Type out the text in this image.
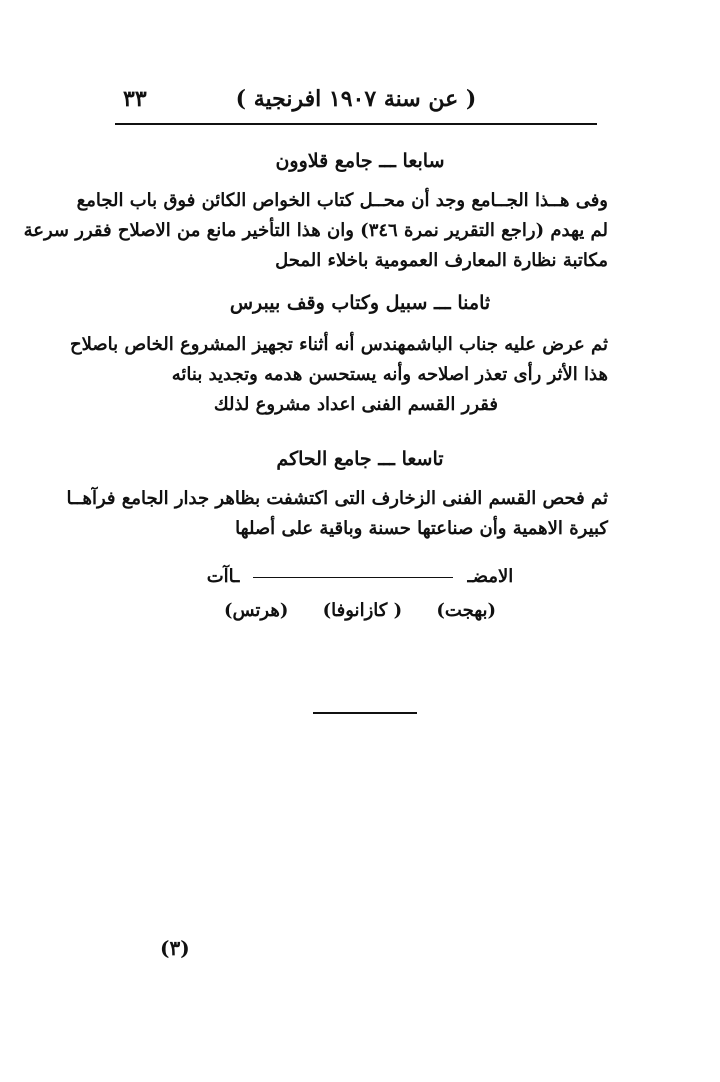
٣٣	( عن سنة ١٩٠٧ افرنجية )
سابعا ـــ جامع قلاوون
وفى هــذا الجــامع وجد أن محــل كتاب الخواص الكائن فوق باب الجامع
لم يهدم (راجع التقرير نمرة ٣٤٦) وان هذا التأخير مانع من الاصلاح فقرر سرعة
مكاتبة نظارة المعارف العمومية باخلاء المحل
ثامنا ـــ سبيل وكتاب وقف بيبرس
ثم عرض عليه جناب الباشمهندس أنه أثناء تجهيز المشروع الخاص باصلاح
هذا الأثر رأى تعذر اصلاحه وأنه يستحسن هدمه وتجديد بنائه
فقرر القسم الفنى اعداد مشروع لذلك
تاسعا ـــ جامع الحاكم
ثم فحص القسم الفنى الزخارف التى اكتشفت بظاهر جدار الجامع فرآهــا
كبيرة الاهمية وأن صناعتها حسنة وباقية على أصلها
الامضــاآت
(بهجت) ( كازانوفا) (هرتس)
(٣)
